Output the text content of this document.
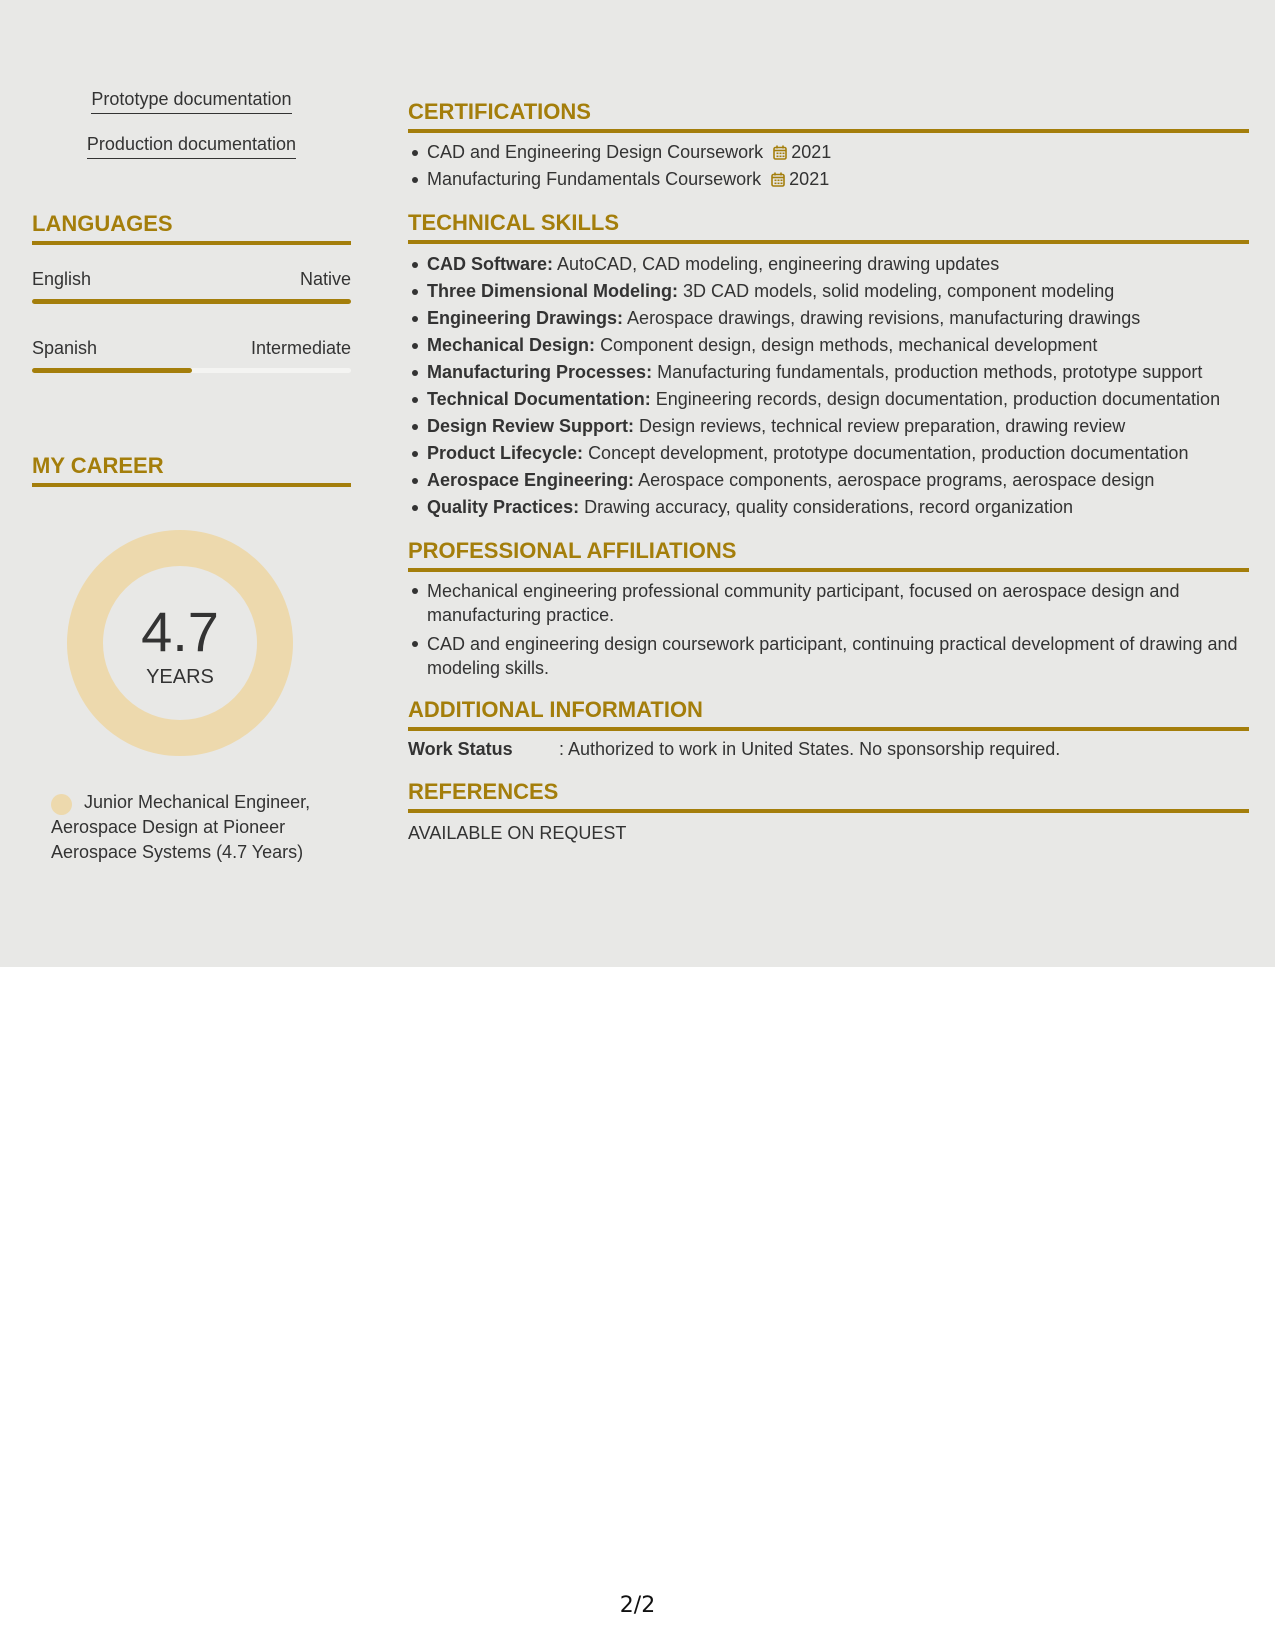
Prototype documentation
Production documentation
LANGUAGES
English	Native
Spanish	Intermediate
MY CAREER
4.7
YEARS
Junior Mechanical Engineer, Aerospace Design at Pioneer Aerospace Systems (4.7 Years)
CERTIFICATIONS
CAD and Engineering Design Coursework 2021
Manufacturing Fundamentals Coursework 2021
TECHNICAL SKILLS
CAD Software: AutoCAD, CAD modeling, engineering drawing updates
Three Dimensional Modeling: 3D CAD models, solid modeling, component modeling
Engineering Drawings: Aerospace drawings, drawing revisions, manufacturing drawings
Mechanical Design: Component design, design methods, mechanical development
Manufacturing Processes: Manufacturing fundamentals, production methods, prototype support
Technical Documentation: Engineering records, design documentation, production documentation
Design Review Support: Design reviews, technical review preparation, drawing review
Product Lifecycle: Concept development, prototype documentation, production documentation
Aerospace Engineering: Aerospace components, aerospace programs, aerospace design
Quality Practices: Drawing accuracy, quality considerations, record organization
PROFESSIONAL AFFILIATIONS
Mechanical engineering professional community participant, focused on aerospace design and manufacturing practice.
CAD and engineering design coursework participant, continuing practical development of drawing and modeling skills.
ADDITIONAL INFORMATION
Work Status	: Authorized to work in United States. No sponsorship required.
REFERENCES
AVAILABLE ON REQUEST
2/2
